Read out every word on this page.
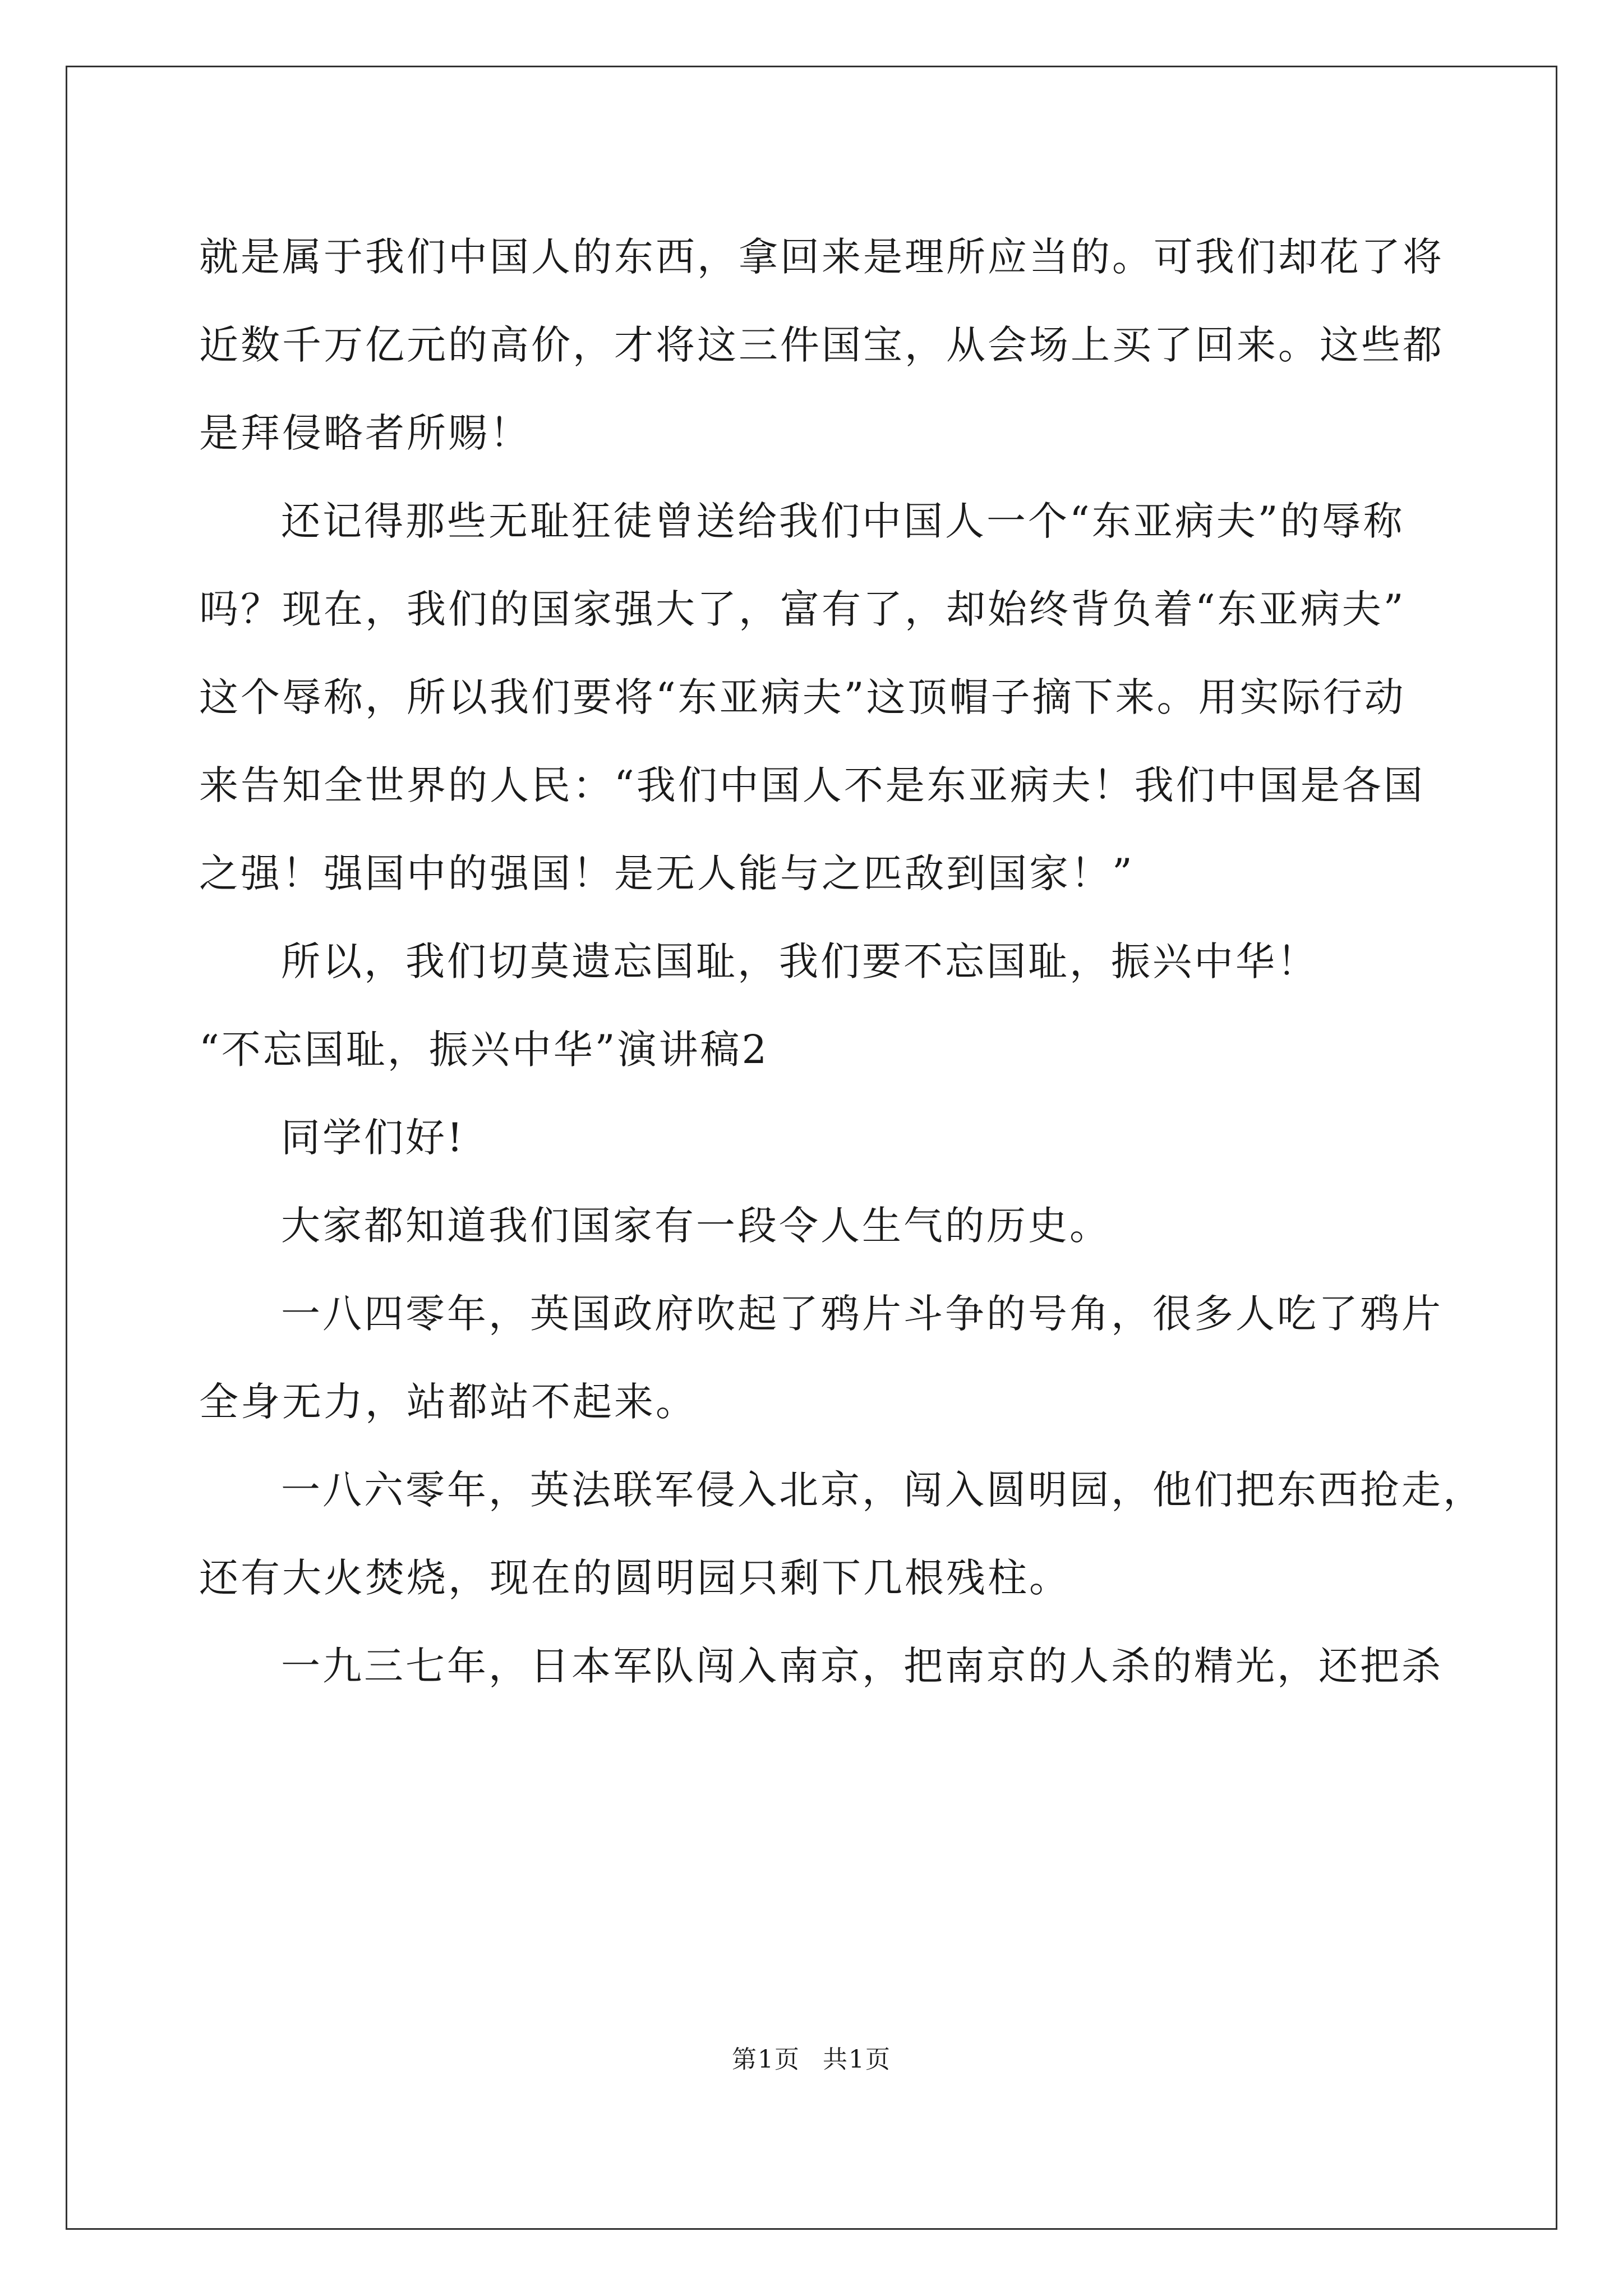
就是属于我们中国人的东西，拿回来是理所应当的。可我们却花了将
近数千万亿元的高价，才将这三件国宝，从会场上买了回来。这些都
是拜侵略者所赐！
还记得那些无耻狂徒曾送给我们中国人一个“东亚病夫”的辱称
吗？现在，我们的国家强大了，富有了，却始终背负着“东亚病夫”
这个辱称，所以我们要将“东亚病夫”这顶帽子摘下来。用实际行动
来告知全世界的人民：“我们中国人不是东亚病夫！我们中国是各国
之强！强国中的强国！是无人能与之匹敌到国家！”
所以，我们切莫遗忘国耻，我们要不忘国耻，振兴中华！
“不忘国耻，振兴中华”演讲稿2
同学们好!
大家都知道我们国家有一段令人生气的历史。
一八四零年，英国政府吹起了鸦片斗争的号角，很多人吃了鸦片
全身无力，站都站不起来。
一八六零年，英法联军侵入北京，闯入圆明园，他们把东西抢走，
还有大火焚烧，现在的圆明园只剩下几根残柱。
一九三七年，日本军队闯入南京，把南京的人杀的精光，还把杀
第1页 共1页
